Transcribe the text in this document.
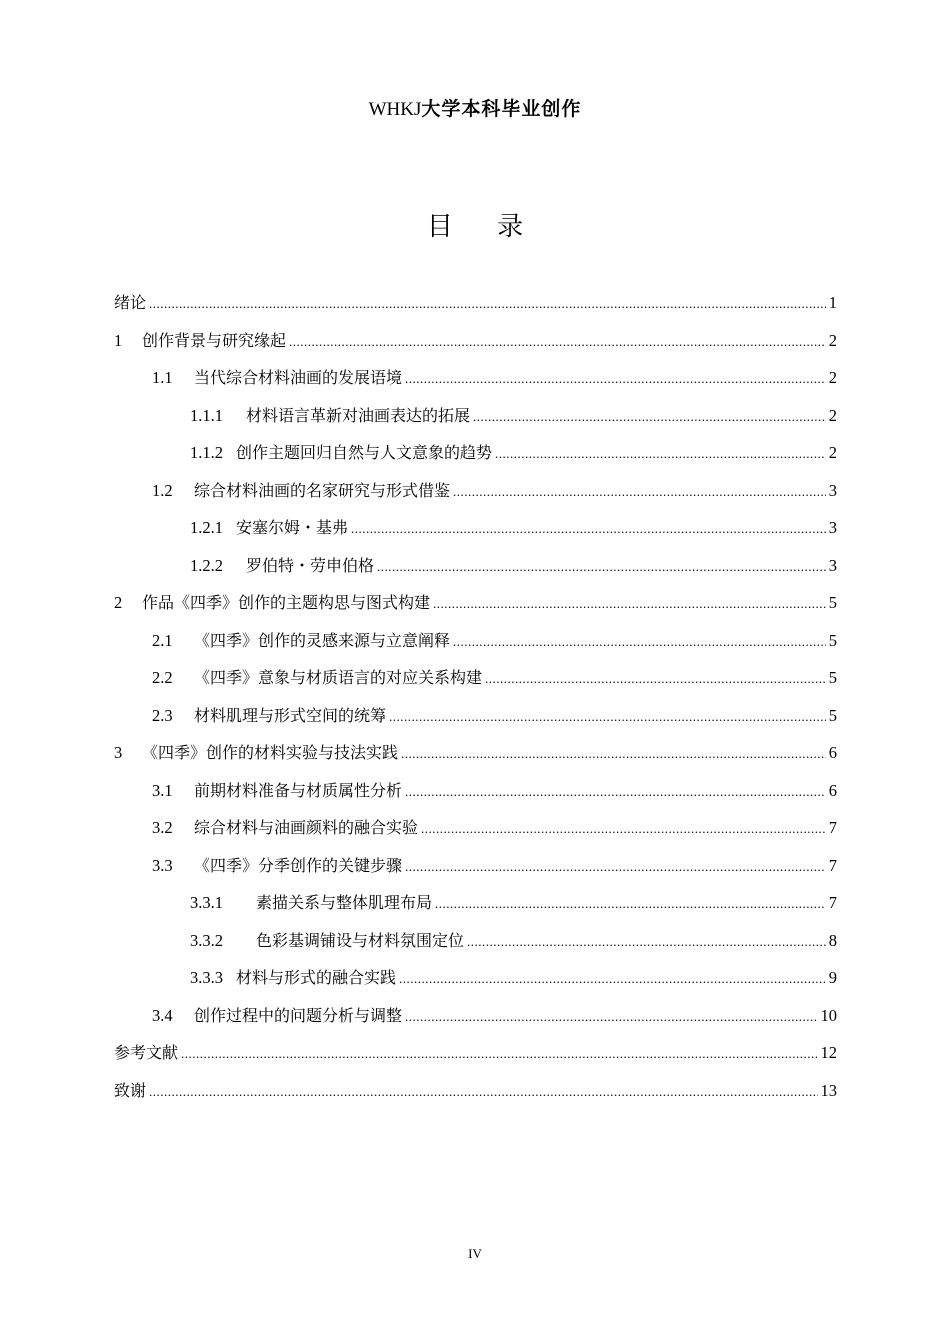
WHKJ大学本科毕业创作
目 录
绪论 .....	1
1	创作背景与研究缘起 .....	2
1.1	当代综合材料油画的发展语境 .....	2
1.1.1	材料语言革新对油画表达的拓展 .....	2
1.1.2 创作主题回归自然与人文意象的趋势 .....	2
1.2	综合材料油画的名家研究与形式借鉴 .....	3
1.2.1 安塞尔姆・基弗 .....	3
1.2.2	罗伯特・劳申伯格 .....	3
2	作品《四季》创作的主题构思与图式构建 .....	5
2.1	《四季》创作的灵感来源与立意阐释 .....	5
2.2	《四季》意象与材质语言的对应关系构建 .....	5
2.3	材料肌理与形式空间的统筹 .....	5
3	《四季》创作的材料实验与技法实践 .....	6
3.1	前期材料准备与材质属性分析 .....	6
3.2	综合材料与油画颜料的融合实验 .....	7
3.3	《四季》分季创作的关键步骤 .....	7
3.3.1	素描关系与整体肌理布局 .....	7
3.3.2	色彩基调铺设与材料氛围定位 .....	8
3.3.3 材料与形式的融合实践 .....	9
3.4	创作过程中的问题分析与调整 .....	10
参考文献 .....	12
致谢 .....	13
IV
